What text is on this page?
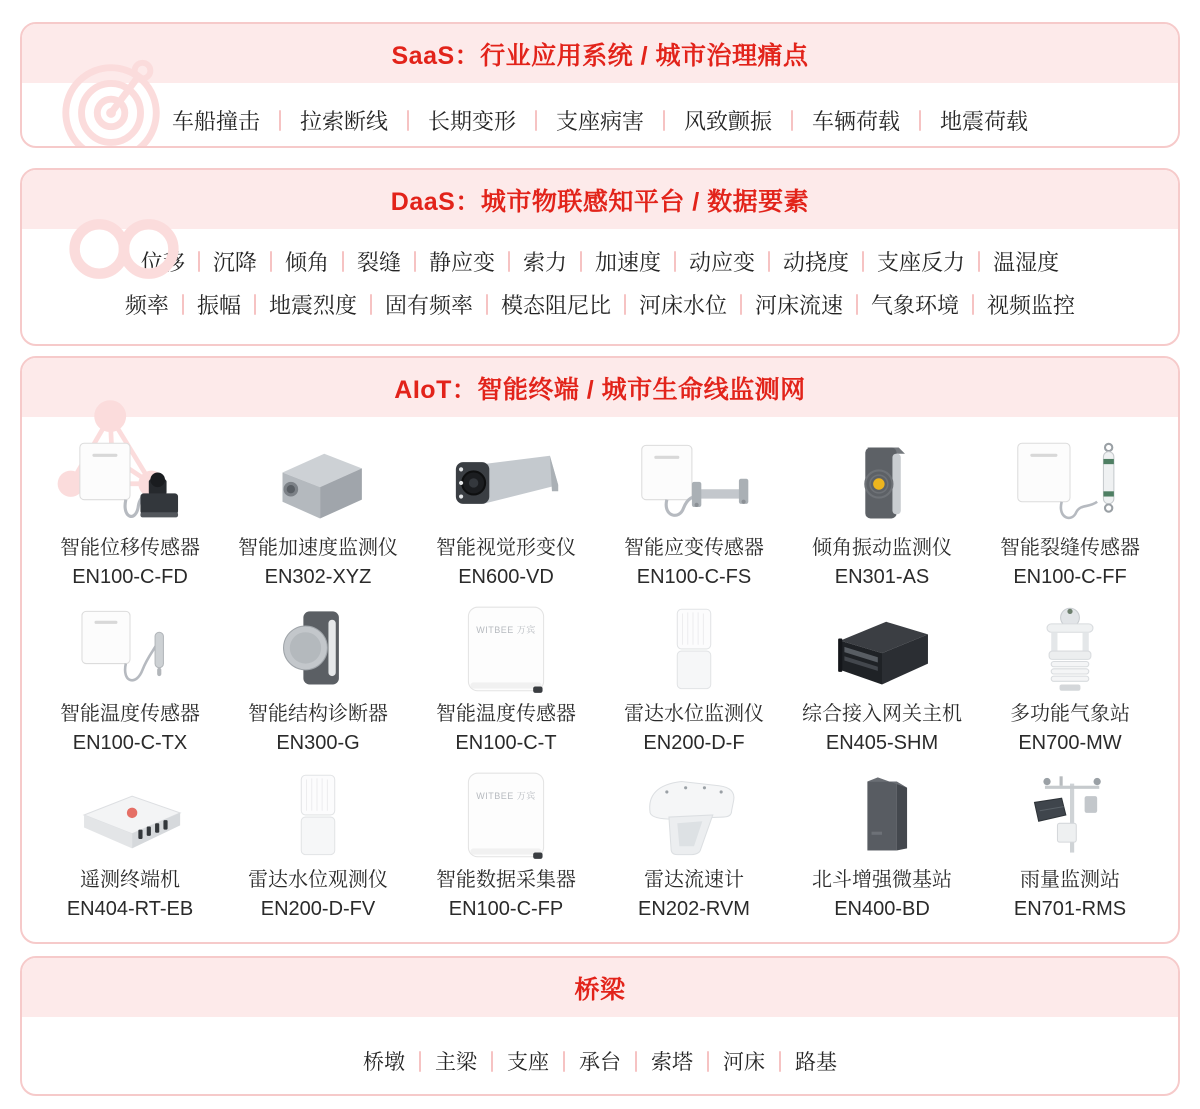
SaaS：行业应用系统 / 城市治理痛点
车船撞击	拉索断线	长期变形	支座病害	风致颤振	车辆荷载	地震荷载
DaaS：城市物联感知平台 / 数据要素
位移	沉降	倾角	裂缝	静应变	索力	加速度	动应变	动挠度	支座反力	温湿度
频率	振幅	地震烈度	固有频率	模态阻尼比	河床水位	河床流速	气象环境	视频监控
AIoT：智能终端 / 城市生命线监测网
智能位移传感器
EN100-C-FD
智能加速度监测仪
EN302-XYZ
智能视觉形变仪
EN600-VD
智能应变传感器
EN100-C-FS
倾角振动监测仪
EN301-AS
智能裂缝传感器
EN100-C-FF
智能温度传感器
EN100-C-TX
智能结构诊断器
EN300-G
WITBEE 万宾
智能温度传感器
EN100-C-T
雷达水位监测仪
EN200-D-F
综合接入网关主机
EN405-SHM
多功能气象站
EN700-MW
遥测终端机
EN404-RT-EB
雷达水位观测仪
EN200-D-FV
WITBEE 万宾
智能数据采集器
EN100-C-FP
雷达流速计
EN202-RVM
北斗增强微基站
EN400-BD
雨量监测站
EN701-RMS
桥梁
桥墩	主梁	支座	承台	索塔	河床	路基
